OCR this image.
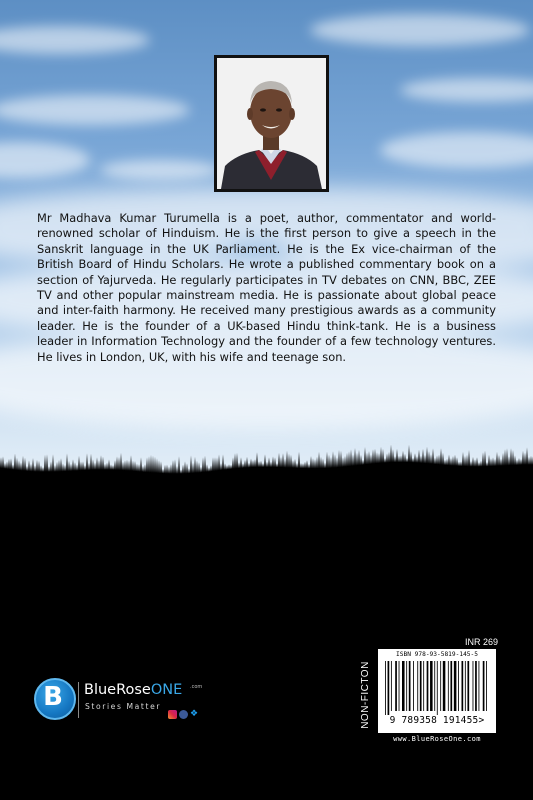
Mr Madhava Kumar Turumella is a poet, author, commentator and world-renowned scholar of Hinduism. He is the first person to give a speech in the Sanskrit language in the UK Parliament. He is the Ex vice-chairman of the British Board of Hindu Scholars. He wrote a published commentary book on a section of Yajurveda. He regularly participates in TV debates on CNN, BBC, ZEE TV and other popular mainstream media. He is passionate about global peace and inter-faith harmony. He received many prestigious awards as a community leader. He is the founder of a UK-based Hindu think-tank. He is a business leader in Information Technology and the founder of a few technology ventures. He lives in London, UK, with his wife and teenage son.

B BlueRoseONE .com
Stories Matter
❖
INR 269
NON-FICTON
ISBN 978-93-5819-145-5
9 789358 191455>
www.BlueRoseOne.com
